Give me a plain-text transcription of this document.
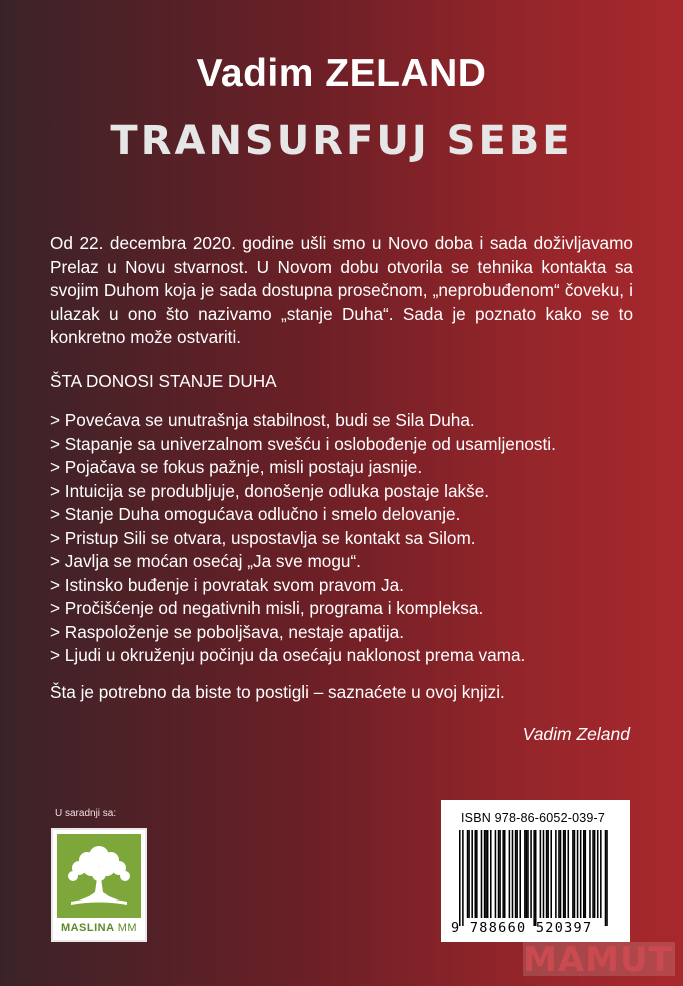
Vadim ZELAND
TRANSURFUJ SEBE
Od 22. decembra 2020. godine ušli smo u Novo doba i sada doživljavamo Prelaz u Novu stvarnost. U Novom dobu otvorila se tehnika kontakta sa svojim Duhom koja je sada dostupna prosečnom, „neprobuđenom“ čoveku, i ulazak u ono što nazivamo „stanje Duha“. Sada je poznato kako se to konkretno može ostvariti.
ŠTA DONOSI STANJE DUHA
> Povećava se unutrašnja stabilnost, budi se Sila Duha.
> Stapanje sa univerzalnom svešću i oslobođenje od usamljenosti.
> Pojačava se fokus pažnje, misli postaju jasnije.
> Intuicija se produbljuje, donošenje odluka postaje lakše.
> Stanje Duha omogućava odlučno i smelo delovanje.
> Pristup Sili se otvara, uspostavlja se kontakt sa Silom.
> Javlja se moćan osećaj „Ja sve mogu“.
> Istinsko buđenje i povratak svom pravom Ja.
> Pročišćenje od negativnih misli, programa i kompleksa.
> Raspoloženje se poboljšava, nestaje apatija.
> Ljudi u okruženju počinju da osećaju naklonost prema vama.
Šta je potrebno da biste to postigli – saznaćete u ovoj knjizi.
Vadim Zeland
U saradnji sa:
MASLINA MM
ISBN 978-86-6052-039-7
9 788660 520397
MAMUT
